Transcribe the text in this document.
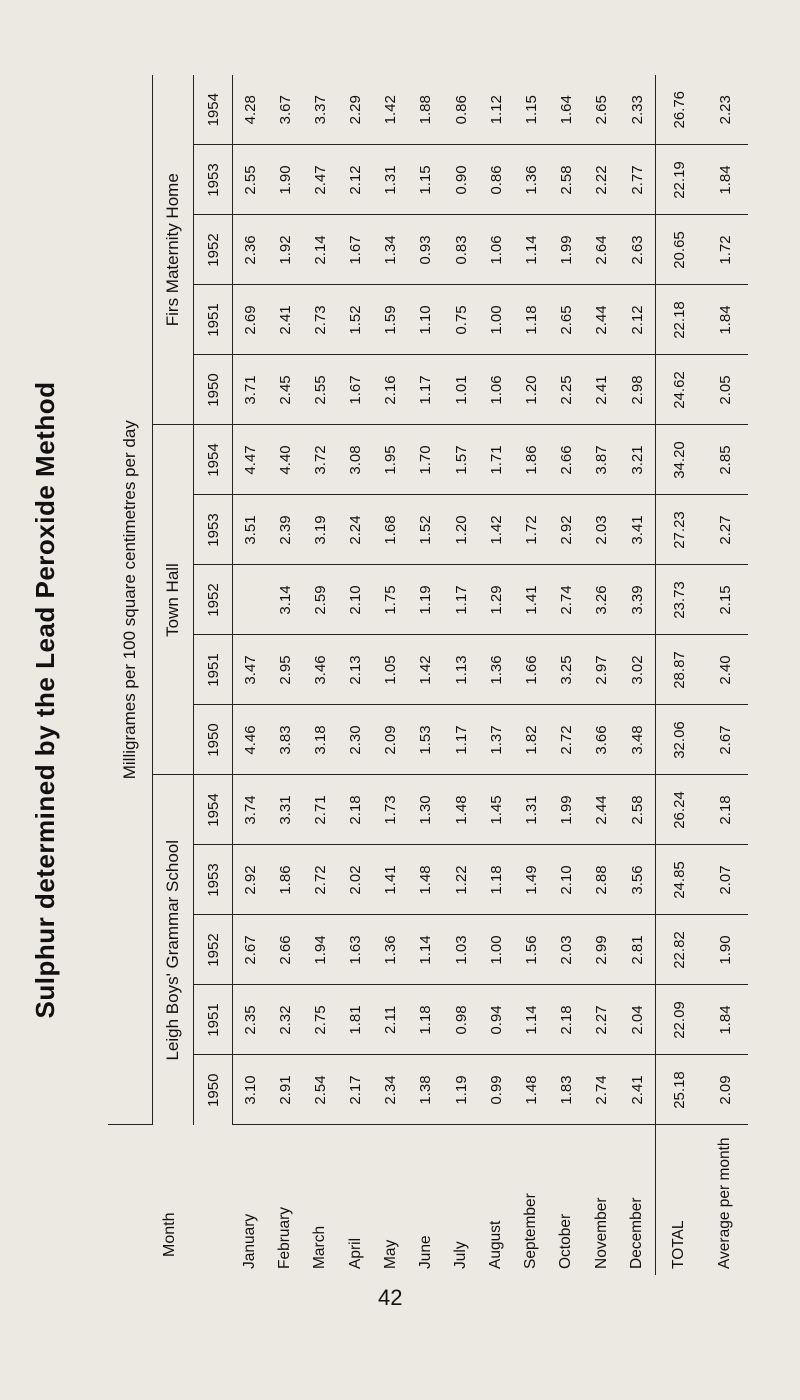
Sulphur determined by the Lead Peroxide Method
Month	Milligrames per 100 square centimetres per day														
	Leigh Boys' Grammar School					Town Hall					Firs Maternity Home				
	1950	1951	1952	1953	1954	1950	1951	1952	1953	1954	1950	1951	1952	1953	1954
January	3.10	2.35	2.67	2.92	3.74	4.46	3.47		3.51	4.47	3.71	2.69	2.36	2.55	4.28
February	2.91	2.32	2.66	1.86	3.31	3.83	2.95	3.14	2.39	4.40	2.45	2.41	1.92	1.90	3.67
March	2.54	2.75	1.94	2.72	2.71	3.18	3.46	2.59	3.19	3.72	2.55	2.73	2.14	2.47	3.37
April	2.17	1.81	1.63	2.02	2.18	2.30	2.13	2.10	2.24	3.08	1.67	1.52	1.67	2.12	2.29
May	2.34	2.11	1.36	1.41	1.73	2.09	1.05	1.75	1.68	1.95	2.16	1.59	1.34	1.31	1.42
June	1.38	1.18	1.14	1.48	1.30	1.53	1.42	1.19	1.52	1.70	1.17	1.10	0.93	1.15	1.88
July	1.19	0.98	1.03	1.22	1.48	1.17	1.13	1.17	1.20	1.57	1.01	0.75	0.83	0.90	0.86
August	0.99	0.94	1.00	1.18	1.45	1.37	1.36	1.29	1.42	1.71	1.06	1.00	1.06	0.86	1.12
September	1.48	1.14	1.56	1.49	1.31	1.82	1.66	1.41	1.72	1.86	1.20	1.18	1.14	1.36	1.15
October	1.83	2.18	2.03	2.10	1.99	2.72	3.25	2.74	2.92	2.66	2.25	2.65	1.99	2.58	1.64
November	2.74	2.27	2.99	2.88	2.44	3.66	2.97	3.26	2.03	3.87	2.41	2.44	2.64	2.22	2.65
December	2.41	2.04	2.81	3.56	2.58	3.48	3.02	3.39	3.41	3.21	2.98	2.12	2.63	2.77	2.33
TOTAL	25.18	22.09	22.82	24.85	26.24	32.06	28.87	23.73	27.23	34.20	24.62	22.18	20.65	22.19	26.76
Average per month	2.09	1.84	1.90	2.07	2.18	2.67	2.40	2.15	2.27	2.85	2.05	1.84	1.72	1.84	2.23
42
